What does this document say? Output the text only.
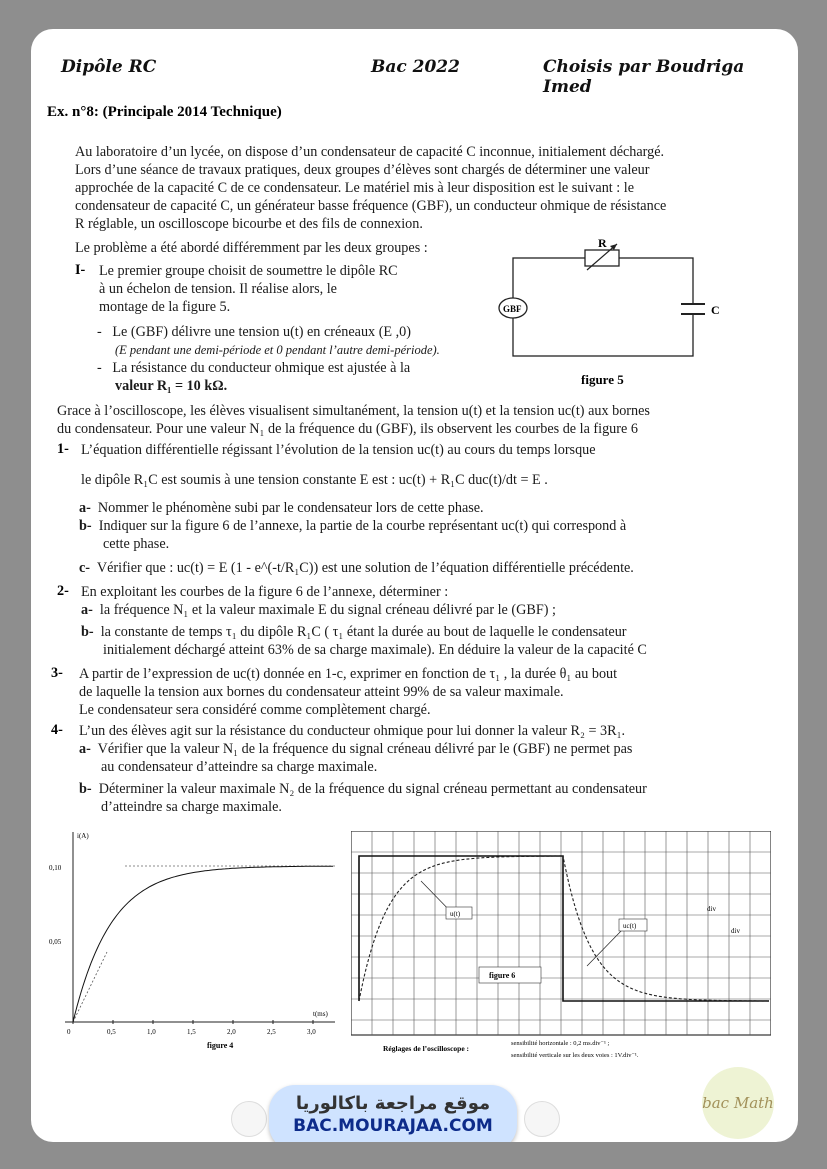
Dipôle RC	Bac 2022	Choisis par Boudriga Imed
Ex. n°8: (Principale 2014 Technique)
Au laboratoire d’un lycée, on dispose d’un condensateur de capacité C inconnue, initialement déchargé.
Lors d’une séance de travaux pratiques, deux groupes d’élèves sont chargés de déterminer une valeur
approchée de la capacité C de ce condensateur. Le matériel mis à leur disposition est le suivant : le
condensateur de capacité C, un générateur basse fréquence (GBF), un conducteur ohmique de résistance
R réglable, un oscilloscope bicourbe et des fils de connexion.
Le problème a été abordé différemment par les deux groupes :
I- Le premier groupe choisit de soumettre le dipôle RC
à un échelon de tension. Il réalise alors, le
montage de la figure 5.
-   Le (GBF) délivre une tension u(t) en créneaux (E ,0)
(E pendant une demi-période et 0 pendant l’autre demi-période).
-   La résistance du conducteur ohmique est ajustée à la
valeur R₁ = 10 kΩ.
R
GBF	C
figure 5
Grace à l’oscilloscope, les élèves visualisent simultanément, la tension u(t) et la tension uc(t) aux bornes
du condensateur. Pour une valeur N₁ de la fréquence du (GBF), ils observent les courbes de la figure 6
1- L’équation différentielle régissant l’évolution de la tension uc(t) au cours du temps lorsque
le dipôle R₁C est soumis à une tension constante E est : uc(t) + R₁C duc(t)/dt = E .
a- Nommer le phénomène subi par le condensateur lors de cette phase.
b- Indiquer sur la figure 6 de l’annexe, la partie de la courbe représentant uc(t) qui correspond à
cette phase.
c- Vérifier que : uc(t) = E (1 - e^(-t/R₁C)) est une solution de l’équation différentielle précédente.
2- En exploitant les courbes de la figure 6 de l’annexe, déterminer :
a- la fréquence N₁ et la valeur maximale E du signal créneau délivré par le (GBF) ;
b- la constante de temps τ₁ du dipôle R₁C ( τ₁ étant la durée au bout de laquelle le condensateur
initialement déchargé atteint 63% de sa charge maximale). En déduire la valeur de la capacité C
3- A partir de l’expression de uc(t) donnée en 1-c, exprimer en fonction de τ₁ , la durée θ₁ au bout
de laquelle la tension aux bornes du condensateur atteint 99% de sa valeur maximale.
Le condensateur sera considéré comme complètement chargé.
4- L’un des élèves agit sur la résistance du conducteur ohmique pour lui donner la valeur R₂ = 3R₁.
a- Vérifier que la valeur N₁ de la fréquence du signal créneau délivré par le (GBF) ne permet pas
au condensateur d’atteindre sa charge maximale.
b- Déterminer la valeur maximale N₂ de la fréquence du signal créneau permettant au condensateur
d’atteindre sa charge maximale.
i(A)
t(ms)
0,10
0,05
0	0,5	1,0	1,5	2,0	2,5	3,0
figure 4
u(t)
uc(t)
figure 6
div
div
Réglages de l’oscilloscope :
sensibilité horizontale : 0,2 ms.div⁻¹ ;
sensibilité verticale sur les deux voies : 1V.div⁻¹.
موقع مراجعة باكالوريا
BAC.MOURAJAA.COM
bac Math
